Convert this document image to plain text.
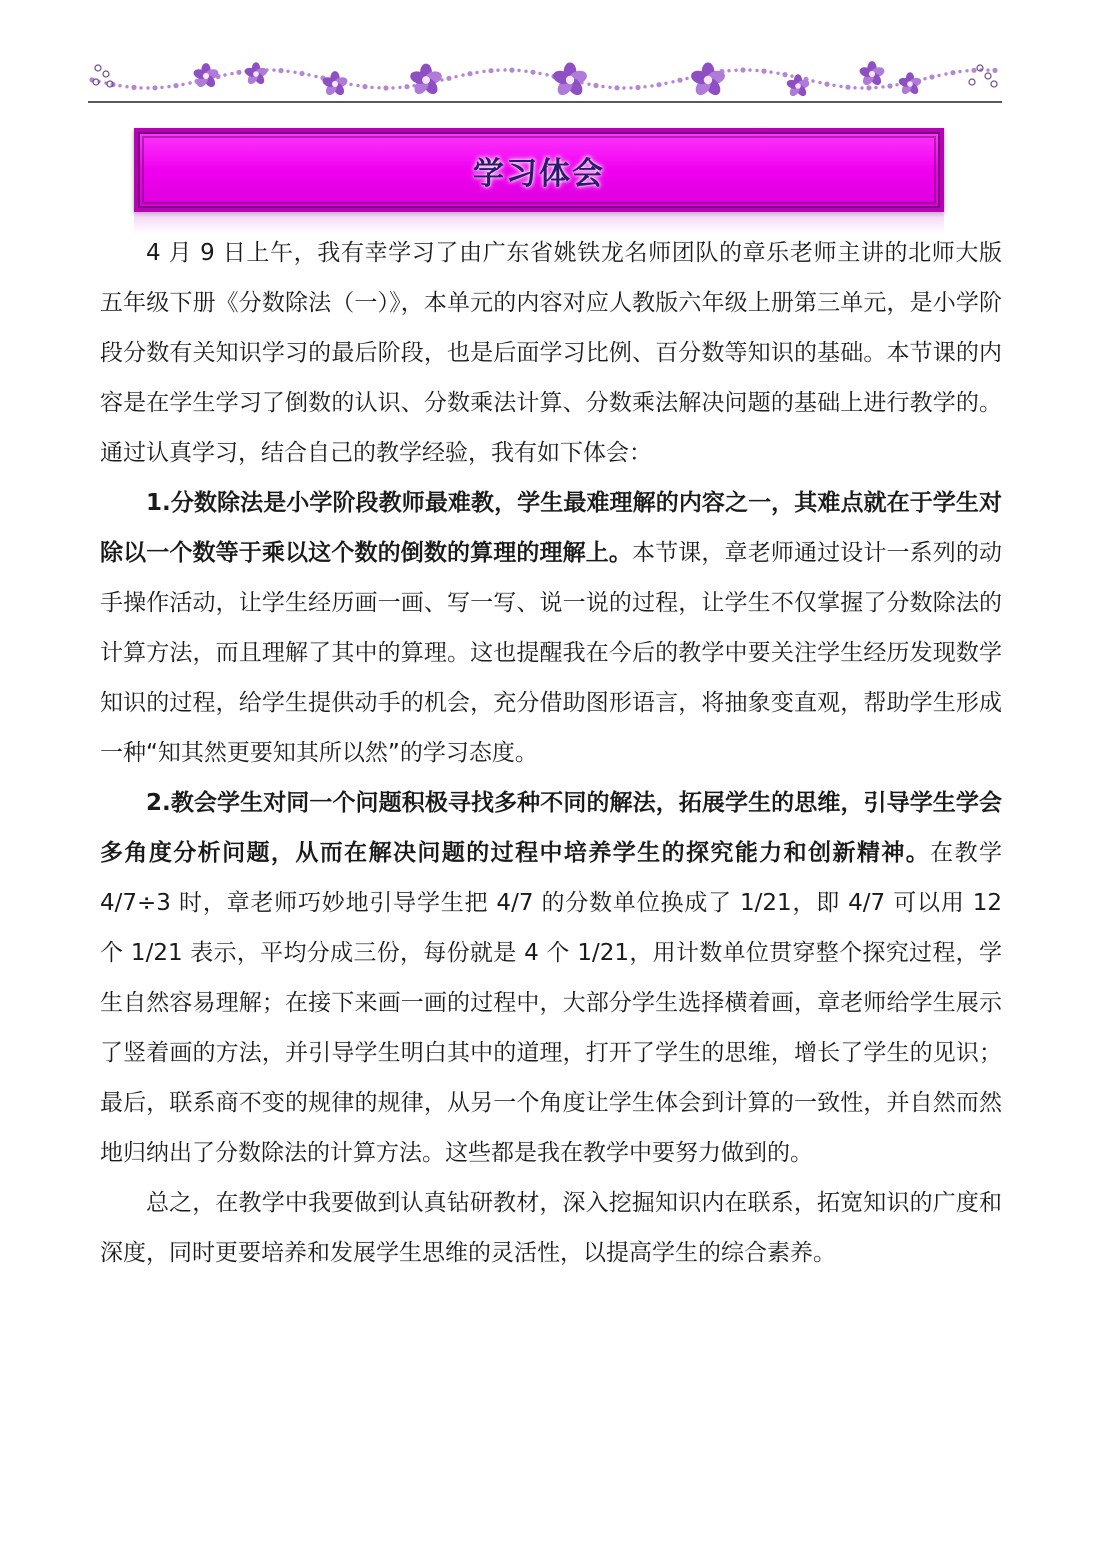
学习体会

4 月 9 日上午，我有幸学习了由广东省姚铁龙名师团队的章乐老师主讲的北师大版五年级下册《分数除法（一）》，本单元的内容对应人教版六年级上册第三单元，是小学阶段分数有关知识学习的最后阶段，也是后面学习比例、百分数等知识的基础。本节课的内容是在学生学习了倒数的认识、分数乘法计算、分数乘法解决问题的基础上进行教学的。通过认真学习，结合自己的教学经验，我有如下体会：

1.分数除法是小学阶段教师最难教，学生最难理解的内容之一，其难点就在于学生对除以一个数等于乘以这个数的倒数的算理的理解上。本节课，章老师通过设计一系列的动手操作活动，让学生经历画一画、写一写、说一说的过程，让学生不仅掌握了分数除法的计算方法，而且理解了其中的算理。这也提醒我在今后的教学中要关注学生经历发现数学知识的过程，给学生提供动手的机会，充分借助图形语言，将抽象变直观，帮助学生形成一种“知其然更要知其所以然”的学习态度。

2.教会学生对同一个问题积极寻找多种不同的解法，拓展学生的思维，引导学生学会多角度分析问题，从而在解决问题的过程中培养学生的探究能力和创新精神。在教学 4/7÷3 时，章老师巧妙地引导学生把 4/7 的分数单位换成了 1/21，即 4/7 可以用 12 个 1/21 表示，平均分成三份，每份就是 4 个 1/21，用计数单位贯穿整个探究过程，学生自然容易理解；在接下来画一画的过程中，大部分学生选择横着画，章老师给学生展示了竖着画的方法，并引导学生明白其中的道理，打开了学生的思维，增长了学生的见识；最后，联系商不变的规律的规律，从另一个角度让学生体会到计算的一致性，并自然而然地归纳出了分数除法的计算方法。这些都是我在教学中要努力做到的。

总之，在教学中我要做到认真钻研教材，深入挖掘知识内在联系，拓宽知识的广度和深度，同时更要培养和发展学生思维的灵活性，以提高学生的综合素养。
